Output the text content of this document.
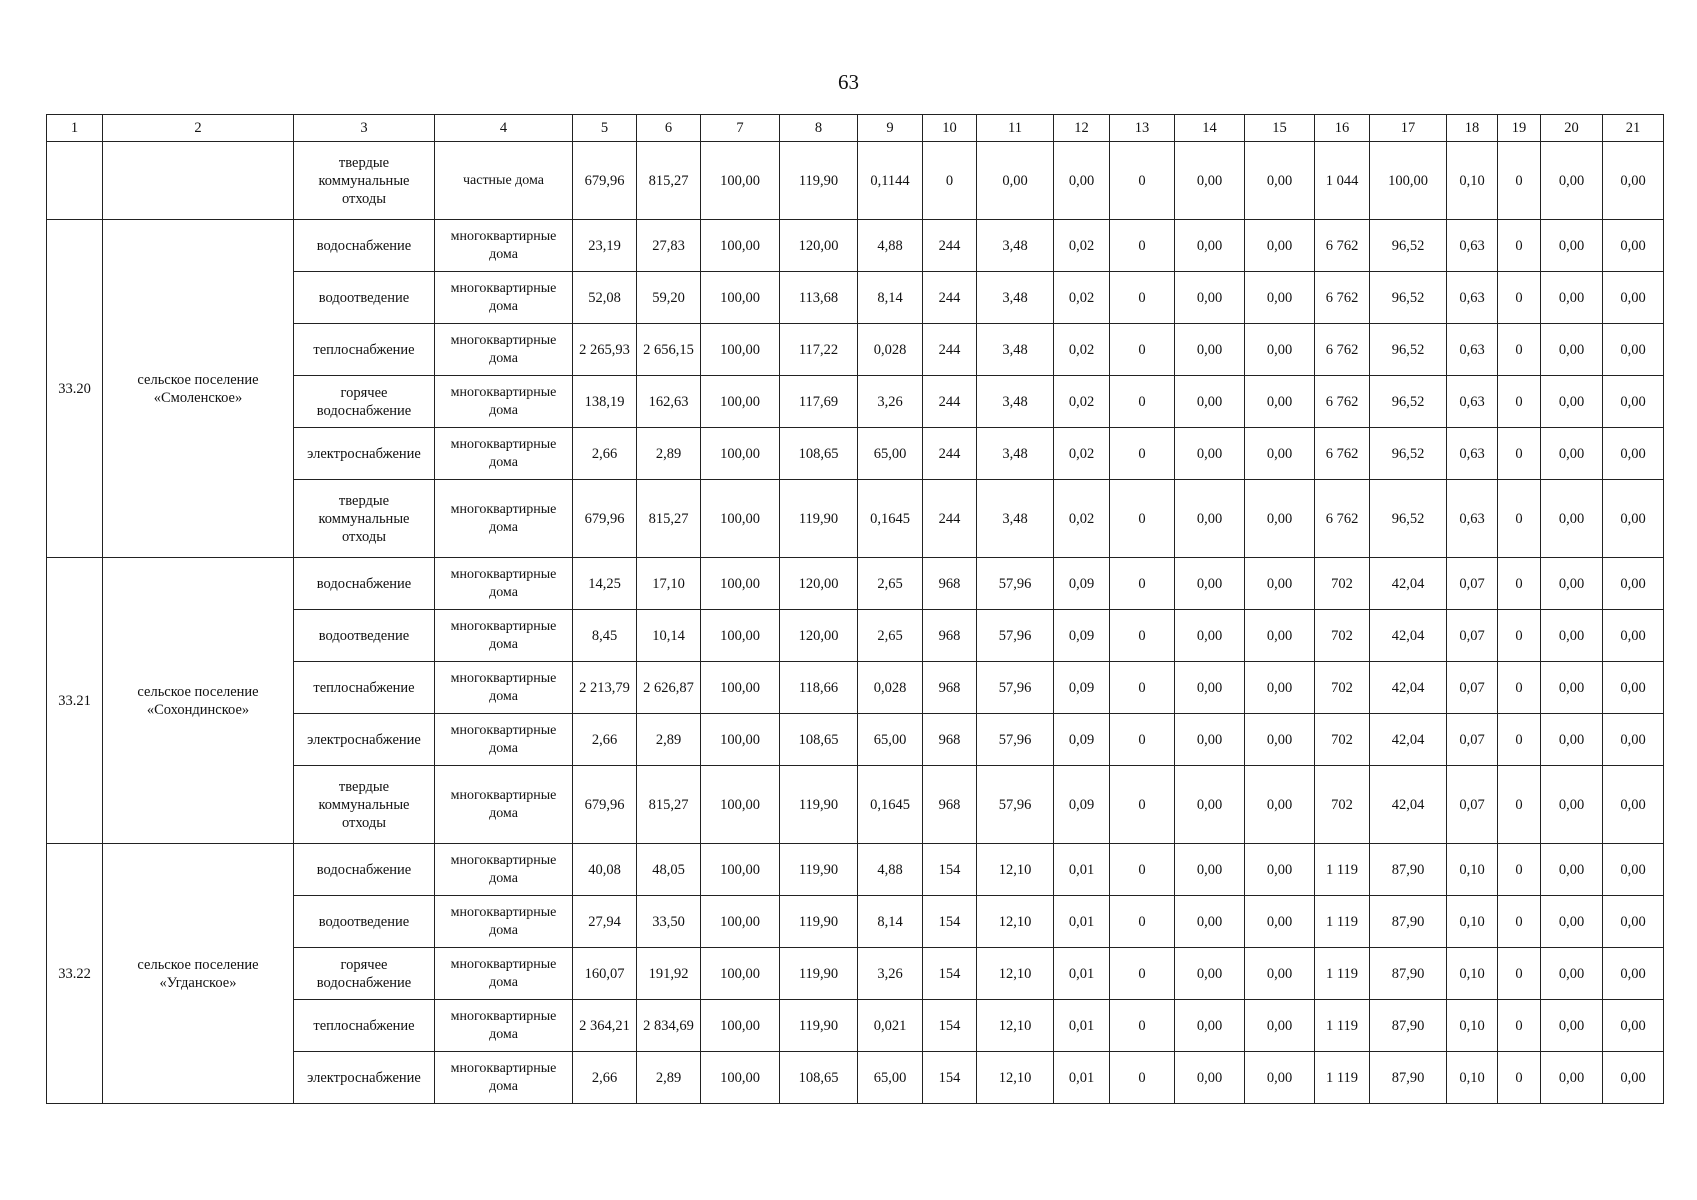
63
1	2	3	4	5	6	7	8	9	10	11	12	13	14	15	16	17	18	19	20	21
		твердые коммунальные отходы	частные дома	679,96	815,27	100,00	119,90	0,1144	0	0,00	0,00	0	0,00	0,00	1 044	100,00	0,10	0	0,00	0,00
33.20	сельское поселение «Смоленское»	водоснабжение	многоквартирные дома	23,19	27,83	100,00	120,00	4,88	244	3,48	0,02	0	0,00	0,00	6 762	96,52	0,63	0	0,00	0,00
		водоотведение	многоквартирные дома	52,08	59,20	100,00	113,68	8,14	244	3,48	0,02	0	0,00	0,00	6 762	96,52	0,63	0	0,00	0,00
		теплоснабжение	многоквартирные дома	2 265,93	2 656,15	100,00	117,22	0,028	244	3,48	0,02	0	0,00	0,00	6 762	96,52	0,63	0	0,00	0,00
		горячее водоснабжение	многоквартирные дома	138,19	162,63	100,00	117,69	3,26	244	3,48	0,02	0	0,00	0,00	6 762	96,52	0,63	0	0,00	0,00
		электроснабжение	многоквартирные дома	2,66	2,89	100,00	108,65	65,00	244	3,48	0,02	0	0,00	0,00	6 762	96,52	0,63	0	0,00	0,00
		твердые коммунальные отходы	многоквартирные дома	679,96	815,27	100,00	119,90	0,1645	244	3,48	0,02	0	0,00	0,00	6 762	96,52	0,63	0	0,00	0,00
33.21	сельское поселение «Сохондинское»	водоснабжение	многоквартирные дома	14,25	17,10	100,00	120,00	2,65	968	57,96	0,09	0	0,00	0,00	702	42,04	0,07	0	0,00	0,00
		водоотведение	многоквартирные дома	8,45	10,14	100,00	120,00	2,65	968	57,96	0,09	0	0,00	0,00	702	42,04	0,07	0	0,00	0,00
		теплоснабжение	многоквартирные дома	2 213,79	2 626,87	100,00	118,66	0,028	968	57,96	0,09	0	0,00	0,00	702	42,04	0,07	0	0,00	0,00
		электроснабжение	многоквартирные дома	2,66	2,89	100,00	108,65	65,00	968	57,96	0,09	0	0,00	0,00	702	42,04	0,07	0	0,00	0,00
		твердые коммунальные отходы	многоквартирные дома	679,96	815,27	100,00	119,90	0,1645	968	57,96	0,09	0	0,00	0,00	702	42,04	0,07	0	0,00	0,00
33.22	сельское поселение «Угданское»	водоснабжение	многоквартирные дома	40,08	48,05	100,00	119,90	4,88	154	12,10	0,01	0	0,00	0,00	1 119	87,90	0,10	0	0,00	0,00
		водоотведение	многоквартирные дома	27,94	33,50	100,00	119,90	8,14	154	12,10	0,01	0	0,00	0,00	1 119	87,90	0,10	0	0,00	0,00
		горячее водоснабжение	многоквартирные дома	160,07	191,92	100,00	119,90	3,26	154	12,10	0,01	0	0,00	0,00	1 119	87,90	0,10	0	0,00	0,00
		теплоснабжение	многоквартирные дома	2 364,21	2 834,69	100,00	119,90	0,021	154	12,10	0,01	0	0,00	0,00	1 119	87,90	0,10	0	0,00	0,00
		электроснабжение	многоквартирные дома	2,66	2,89	100,00	108,65	65,00	154	12,10	0,01	0	0,00	0,00	1 119	87,90	0,10	0	0,00	0,00
